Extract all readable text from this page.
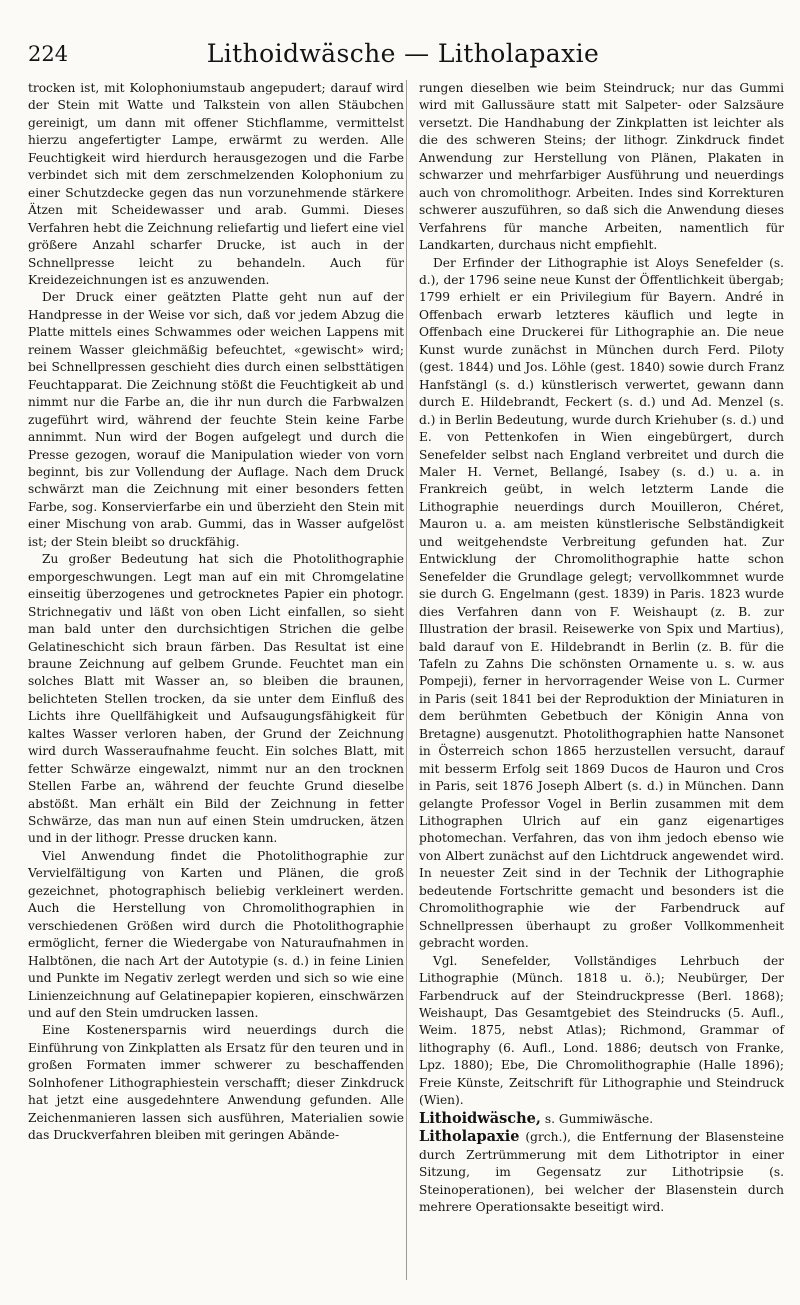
224	Lithoidwäsche — Litholapaxie

trocken ist, mit Kolophoniumstaub angepudert; darauf wird der Stein mit Watte und Talkstein von allen Stäubchen gereinigt, um dann mit offener Stichflamme, vermittelst hierzu angefertigter Lampe, erwärmt zu werden. Alle Feuchtigkeit wird hierdurch herausgezogen und die Farbe verbindet sich mit dem zerschmelzenden Kolophonium zu einer Schutzdecke gegen das nun vorzunehmende stärkere Ätzen mit Scheidewasser und arab. Gummi. Dieses Verfahren hebt die Zeichnung reliefartig und liefert eine viel größere Anzahl scharfer Drucke, ist auch in der Schnellpresse leicht zu behandeln. Auch für Kreidezeichnungen ist es anzuwenden.

Der Druck einer geätzten Platte geht nun auf der Handpresse in der Weise vor sich, daß vor jedem Abzug die Platte mittels eines Schwammes oder weichen Lappens mit reinem Wasser gleichmäßig befeuchtet, «gewischt» wird; bei Schnellpressen geschieht dies durch einen selbsttätigen Feuchtapparat. Die Zeichnung stößt die Feuchtigkeit ab und nimmt nur die Farbe an, die ihr nun durch die Farbwalzen zugeführt wird, während der feuchte Stein keine Farbe annimmt. Nun wird der Bogen aufgelegt und durch die Presse gezogen, worauf die Manipulation wieder von vorn beginnt, bis zur Vollendung der Auflage. Nach dem Druck schwärzt man die Zeichnung mit einer besonders fetten Farbe, sog. Konservierfarbe ein und überzieht den Stein mit einer Mischung von arab. Gummi, das in Wasser aufgelöst ist; der Stein bleibt so druckfähig.

Zu großer Bedeutung hat sich die Photolithographie emporgeschwungen. Legt man auf ein mit Chromgelatine einseitig überzogenes und getrocknetes Papier ein photogr. Strichnegativ und läßt von oben Licht einfallen, so sieht man bald unter den durchsichtigen Strichen die gelbe Gelatineschicht sich braun färben. Das Resultat ist eine braune Zeichnung auf gelbem Grunde. Feuchtet man ein solches Blatt mit Wasser an, so bleiben die braunen, belichteten Stellen trocken, da sie unter dem Einfluß des Lichts ihre Quellfähigkeit und Aufsaugungsfähigkeit für kaltes Wasser verloren haben, der Grund der Zeichnung wird durch Wasseraufnahme feucht. Ein solches Blatt, mit fetter Schwärze eingewalzt, nimmt nur an den trocknen Stellen Farbe an, während der feuchte Grund dieselbe abstößt. Man erhält ein Bild der Zeichnung in fetter Schwärze, das man nun auf einen Stein umdrucken, ätzen und in der lithogr. Presse drucken kann.

Viel Anwendung findet die Photolithographie zur Vervielfältigung von Karten und Plänen, die groß gezeichnet, photographisch beliebig verkleinert werden. Auch die Herstellung von Chromolithographien in verschiedenen Größen wird durch die Photolithographie ermöglicht, ferner die Wiedergabe von Naturaufnahmen in Halbtönen, die nach Art der Autotypie (s. d.) in feine Linien und Punkte im Negativ zerlegt werden und sich so wie eine Linienzeichnung auf Gelatinepapier kopieren, einschwärzen und auf den Stein umdrucken lassen.

Eine Kostenersparnis wird neuerdings durch die Einführung von Zinkplatten als Ersatz für den teuren und in großen Formaten immer schwerer zu beschaffenden Solnhofener Lithographiestein verschafft; dieser Zinkdruck hat jetzt eine ausgedehntere Anwendung gefunden. Alle Zeichenmanieren lassen sich ausführen, Materialien sowie das Druckverfahren bleiben mit geringen Abände-

rungen dieselben wie beim Steindruck; nur das Gummi wird mit Gallussäure statt mit Salpeter- oder Salzsäure versetzt. Die Handhabung der Zinkplatten ist leichter als die des schweren Steins; der lithogr. Zinkdruck findet Anwendung zur Herstellung von Plänen, Plakaten in schwarzer und mehrfarbiger Ausführung und neuerdings auch von chromolithogr. Arbeiten. Indes sind Korrekturen schwerer auszuführen, so daß sich die Anwendung dieses Verfahrens für manche Arbeiten, namentlich für Landkarten, durchaus nicht empfiehlt.

Der Erfinder der Lithographie ist Aloys Senefelder (s. d.), der 1796 seine neue Kunst der Öffentlichkeit übergab; 1799 erhielt er ein Privilegium für Bayern. André in Offenbach erwarb letzteres käuflich und legte in Offenbach eine Druckerei für Lithographie an. Die neue Kunst wurde zunächst in München durch Ferd. Piloty (gest. 1844) und Jos. Löhle (gest. 1840) sowie durch Franz Hanfstängl (s. d.) künstlerisch verwertet, gewann dann durch E. Hildebrandt, Feckert (s. d.) und Ad. Menzel (s. d.) in Berlin Bedeutung, wurde durch Kriehuber (s. d.) und E. von Pettenkofen in Wien eingebürgert, durch Senefelder selbst nach England verbreitet und durch die Maler H. Vernet, Bellangé, Isabey (s. d.) u. a. in Frankreich geübt, in welch letzterm Lande die Lithographie neuerdings durch Mouilleron, Chéret, Mauron u. a. am meisten künstlerische Selbständigkeit und weitgehendste Verbreitung gefunden hat. Zur Entwicklung der Chromolithographie hatte schon Senefelder die Grundlage gelegt; vervollkommnet wurde sie durch G. Engelmann (gest. 1839) in Paris. 1823 wurde dies Verfahren dann von F. Weishaupt (z. B. zur Illustration der brasil. Reisewerke von Spix und Martius), bald darauf von E. Hildebrandt in Berlin (z. B. für die Tafeln zu Zahns Die schönsten Ornamente u. s. w. aus Pompeji), ferner in hervorragender Weise von L. Curmer in Paris (seit 1841 bei der Reproduktion der Miniaturen in dem berühmten Gebetbuch der Königin Anna von Bretagne) ausgenutzt. Photolithographien hatte Nansonet in Österreich schon 1865 herzustellen versucht, darauf mit besserm Erfolg seit 1869 Ducos de Hauron und Cros in Paris, seit 1876 Joseph Albert (s. d.) in München. Dann gelangte Professor Vogel in Berlin zusammen mit dem Lithographen Ulrich auf ein ganz eigenartiges photomechan. Verfahren, das von ihm jedoch ebenso wie von Albert zunächst auf den Lichtdruck angewendet wird. In neuester Zeit sind in der Technik der Lithographie bedeutende Fortschritte gemacht und besonders ist die Chromolithographie wie der Farbendruck auf Schnellpressen überhaupt zu großer Vollkommenheit gebracht worden.

Vgl. Senefelder, Vollständiges Lehrbuch der Lithographie (Münch. 1818 u. ö.); Neubürger, Der Farbendruck auf der Steindruckpresse (Berl. 1868); Weishaupt, Das Gesamtgebiet des Steindrucks (5. Aufl., Weim. 1875, nebst Atlas); Richmond, Grammar of lithography (6. Aufl., Lond. 1886; deutsch von Franke, Lpz. 1880); Ebe, Die Chromolithographie (Halle 1896); Freie Künste, Zeitschrift für Lithographie und Steindruck (Wien).

Lithoidwäsche, s. Gummiwäsche.

Litholapaxie (grch.), die Entfernung der Blasensteine durch Zertrümmerung mit dem Lithotriptor in einer Sitzung, im Gegensatz zur Lithotripsie (s. Steinoperationen), bei welcher der Blasenstein durch mehrere Operationsakte beseitigt wird.
